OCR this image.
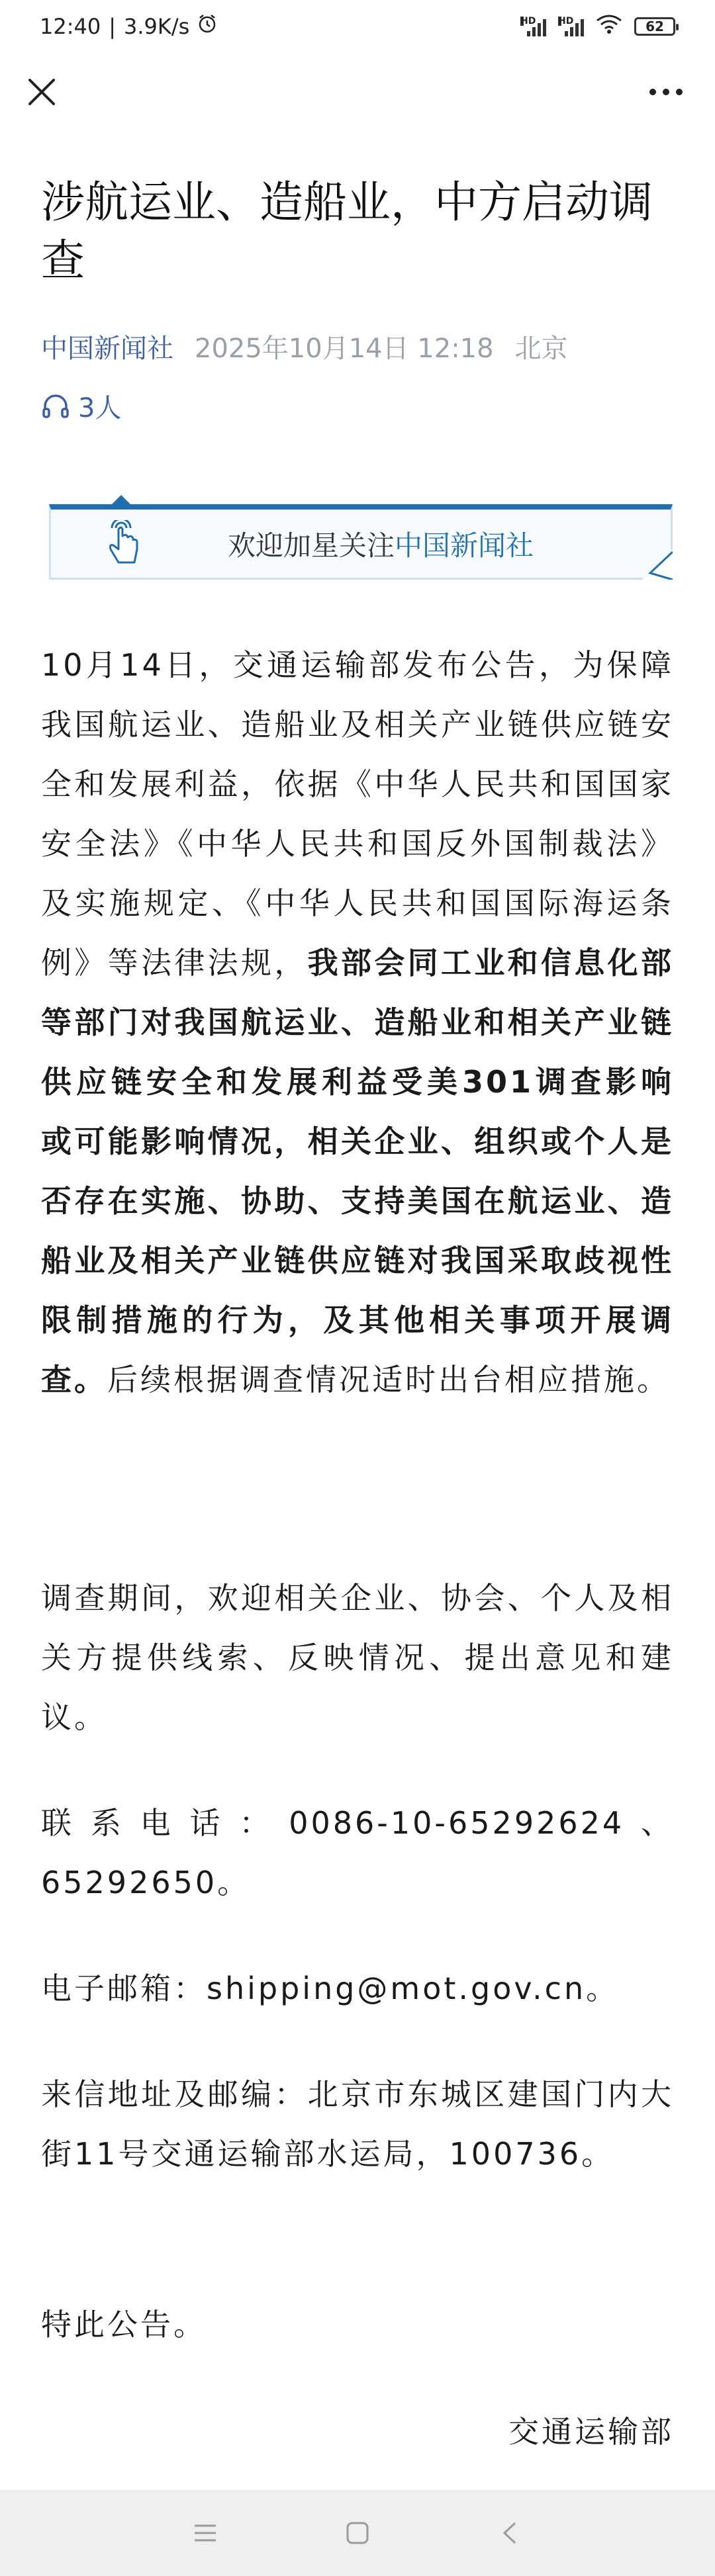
12:40 | 3.9K/s	HD HD	62
涉航运业、造船业，中方启动调查
中国新闻社 2025年10月14日 12:18 北京
3人
欢迎加星关注中国新闻社

10月14日，交通运输部发布公告，为保障我国航运业、造船业及相关产业链供应链安全和发展利益，依据《中华人民共和国国家安全法》《中华人民共和国反外国制裁法》及实施规定、《中华人民共和国国际海运条例》等法律法规，我部会同工业和信息化部等部门对我国航运业、造船业和相关产业链供应链安全和发展利益受美301调查影响或可能影响情况，相关企业、组织或个人是否存在实施、协助、支持美国在航运业、造船业及相关产业链供应链对我国采取歧视性限制措施的行为，及其他相关事项开展调查。后续根据调查情况适时出台相应措施。

调查期间，欢迎相关企业、协会、个人及相关方提供线索、反映情况、提出意见和建议。

联系电话：0086-10-65292624、65292650。

电子邮箱：shipping@mot.gov.cn。

来信地址及邮编：北京市东城区建国门内大街11号交通运输部水运局，100736。

特此公告。

交通运输部
